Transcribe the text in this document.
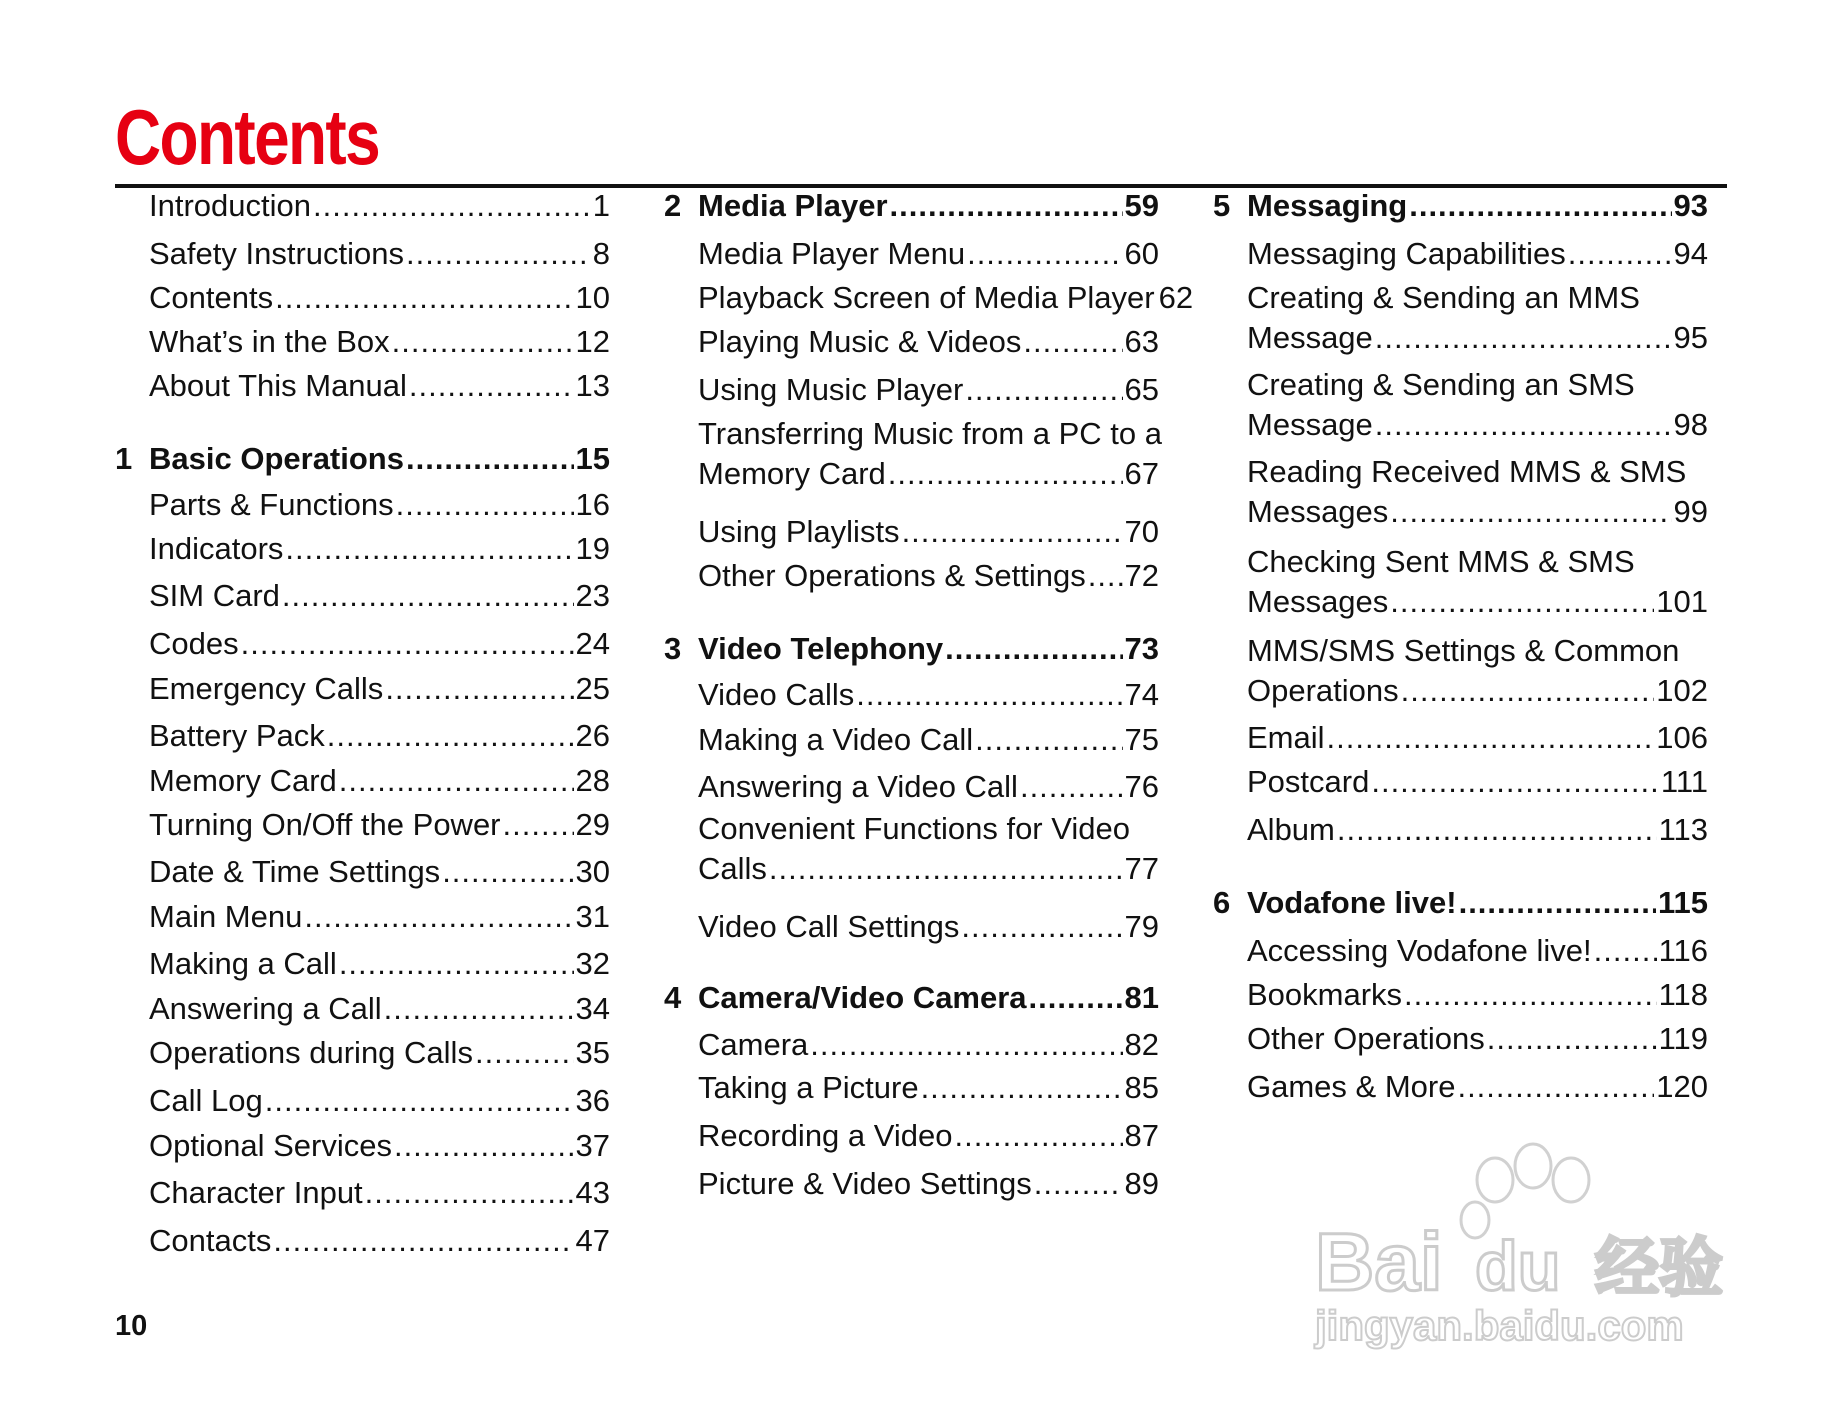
Contents
Introduction .....	1
Safety Instructions .....	8
Contents .....	10
What’s in the Box .....	12
About This Manual .....	13
1 Basic Operations .....	15
Parts & Functions .....	16
Indicators .....	19
SIM Card .....	23
Codes .....	24
Emergency Calls .....	25
Battery Pack .....	26
Memory Card .....	28
Turning On/Off the Power ..... 29
Date & Time Settings .....	30
Main Menu .....	31
Making a Call .....	32
Answering a Call .....	34
Operations during Calls .....	35
Call Log .....	36
Optional Services .....	37
Character Input .....	43
Contacts .....	47
2 Media Player .....	59
Media Player Menu .....	60
Playback Screen of Media Player 62
Playing Music & Videos .....	63
Using Music Player .....	65
Transferring Music from a PC to a
Memory Card .....	67
Using Playlists .....	70
Other Operations & Settings ..... 72
3 Video Telephony .....	73
Video Calls .....	74
Making a Video Call .....	75
Answering a Video Call .....	76
Convenient Functions for Video
Calls .....	77
Video Call Settings .....	79
4 Camera/Video Camera .....	81
Camera .....	82
Taking a Picture .....	85
Recording a Video .....	87
Picture & Video Settings .....	89
5 Messaging .....	93
Messaging Capabilities .....	94
Creating & Sending an MMS
Message .....	95
Creating & Sending an SMS
Message .....	98
Reading Received MMS & SMS
Messages .....	99
Checking Sent MMS & SMS
Messages .....	101
MMS/SMS Settings & Common
Operations .....	102
Email .....	106
Postcard .....	111
Album .....	113
6 Vodafone live! .....	115
Accessing Vodafone live! ..... 116
Bookmarks .....	118
Other Operations .....	119
Games & More .....	120
10
Bai du 经验
jingyan.baidu.com
